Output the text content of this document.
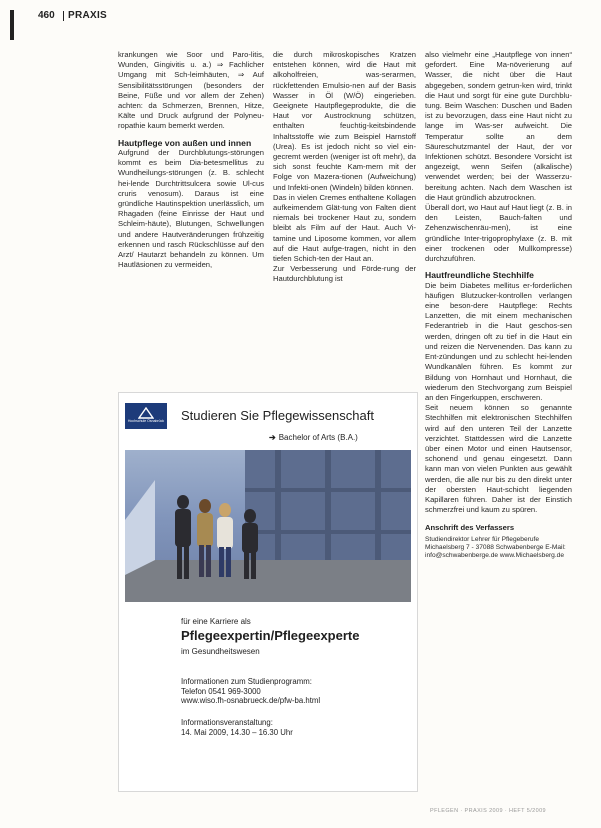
460 PRAXIS

krankungen wie Soor und Paro-litis, Wunden, Gingivitis u. a.) ⇒ Fachlicher Umgang mit Sch-leimhäuten, ⇒ Auf Sensibilitätsstörungen (besonders der Beine, Füße und vor allem der Zehen) achten: da Schmerzen, Brennen, Hitze, Kälte und Druck aufgrund der Polyneu-ropathie kaum bemerkt werden.

Hautpflege von außen und innen

Aufgrund der Durchblutungs-störungen kommt es beim Dia-betesmellitus zu Wundheilungs-störungen (z. B. schlecht hei-lende Durchtrittsulcera sowie Ul-cus cruris venosum). Daraus ist eine gründliche Hautinspektion unerlässlich, um Rhagaden (feine Einrisse der Haut und Schleim-häute), Blutungen, Schwellungen und andere Hautveränderungen frühzeitig erkennen und rasch Rückschlüsse auf den Arzt/ Hautarzt behandeln zu können. Um Hautläsionen zu vermeiden,

die durch mikroskopisches Kratzen entstehen können, wird die Haut mit alkoholfreien, was-serarmen, rückfettenden Emulsio-nen auf der Basis Wasser in Öl (W/Ö) eingerieben. Geeignete Hautpflegeprodukte, die die Haut vor Austrocknung schützen, enthalten feuchtig-keitsbindende Inhaltsstoffe wie zum Beispiel Harnstoff (Urea). Es ist jedoch nicht so viel ein-gecremt werden (weniger ist oft mehr), da sich sonst feuchte Kam-mern mit der Folge von Mazera-tionen (Aufweichung) und Infekti-onen (Windeln) bilden können.

Das in vielen Cremes enthaltene Kollagen aufkeimendem Glät-tung von Falten dient niemals bei trockener Haut zu, sondern bleibt als Film auf der Haut. Auch Vi-tamine und Liposome kommen, vor allem auf die Haut aufge-tragen, nicht in den tiefen Schich-ten der Haut an.

Zur Verbesserung und Förde-rung der Hautdurchblutung ist

also vielmehr eine „Hautpflege von innen“ gefordert. Eine Ma-növerierung auf Wasser, die nicht über die Haut abgegeben, sondern getrun-ken wird, trinkt die Haut und sorgt für eine gute Durchblu-tung. Beim Waschen: Duschen und Baden ist zu bevorzugen, dass eine Haut nicht zu lange im Was-ser aufweicht. Die Temperatur sollte an dem Säureschutzmantel der Haut, der vor Infektionen schützt. Besondere Vorsicht ist angezeigt, wenn Seifen (alkalische) verwendet werden; bei der Wasserzu-bereitung achten. Nach dem Waschen ist die Haut gründlich abzutrocknen.

Überall dort, wo Haut auf Haut liegt (z. B. in den Leisten, Bauch-falten und Zehenzwischenräu-men), ist eine gründliche Inter-trigoprophylaxe (z. B. mit einer trockenen oder Mullkompresse) durchzuführen.

Hautfreundliche Stechhilfe

Die beim Diabetes mellitus er-forderlichen häufigen Blutzucker-kontrollen verlangen eine beson-dere Hautpflege: Rechts Lanzetten, die mit einem mechanischen Federantrieb in die Haut geschos-sen werden, dringen oft zu tief in die Haut ein und reizen die Nervenenden. Das kann zu Ent-zündungen und zu schlecht hei-lenden Wundkanälen führen. Es kommt zur Bildung von Hornhaut und Hornhaut, die wiederum den Stechvorgang zum Beispiel an den Fingerkuppen, erschweren.

Seit neuem können so genannte Stechhilfen mit elektronischen Stechhilfen wird auf den unteren Teil der Lanzette verzichtet. Stattdessen wird die Lanzette über einen Motor und einen Hautsensor, schonend und genau eingesetzt. Dann kann man von vielen Punkten aus gewählt werden, die alle nur bis zu den direkt unter der obersten Haut-schicht liegenden Kapillaren führen. Daher ist der Einstich schmerzfrei und kaum zu spüren.

Anschrift des Verfassers

Studiendirektor Lehrer für Pflegeberufe Michaelsberg 7 - 37088 Schwabenberge E-Mail: info@schwabenberge.de www.Michaelsberg.de

Hochschule Osnabrück Studieren Sie Pflegewissenschaft
➔ Bachelor of Arts (B.A.)
für eine Karriere als
Pflegeexpertin/Pflegeexperte
im Gesundheitswesen
Informationen zum Studienprogramm:
Telefon 0541 969-3000
www.wiso.fh-osnabrueck.de/pfw-ba.html
Informationsveranstaltung:
14. Mai 2009, 14.30 – 16.30 Uhr
PFLEGEN · PRAXIS 2009 · HEFT 5/2009
